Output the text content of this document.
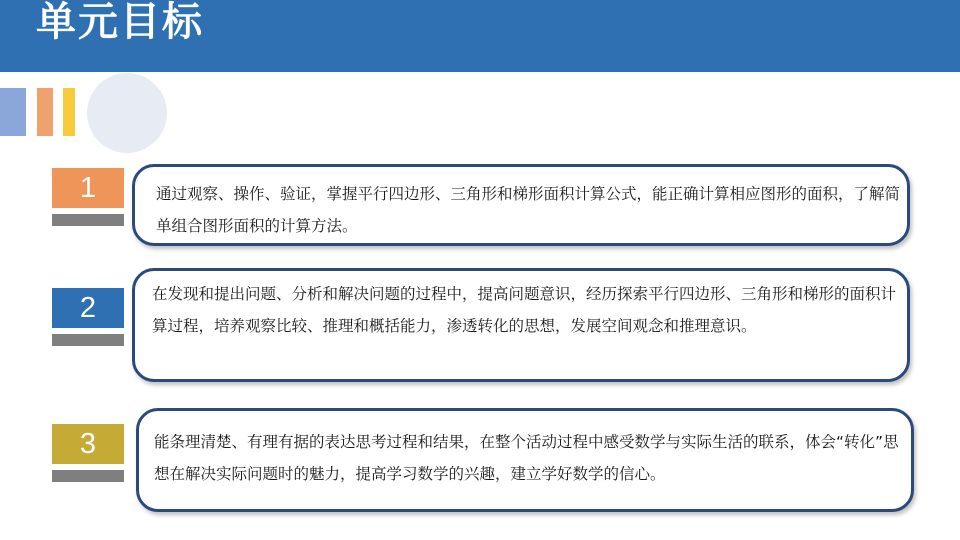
单元目标
1	通过观察、操作、验证，掌握平行四边形、三角形和梯形面积计算公式，能正确计算相应图形的面积，了解简单组合图形面积的计算方法。
2	在发现和提出问题、分析和解决问题的过程中，提高问题意识，经历探索平行四边形、三角形和梯形的面积计算过程，培养观察比较、推理和概括能力，渗透转化的思想，发展空间观念和推理意识。
3	能条理清楚、有理有据的表达思考过程和结果，在整个活动过程中感受数学与实际生活的联系，体会“转化”思想在解决实际问题时的魅力，提高学习数学的兴趣，建立学好数学的信心。
